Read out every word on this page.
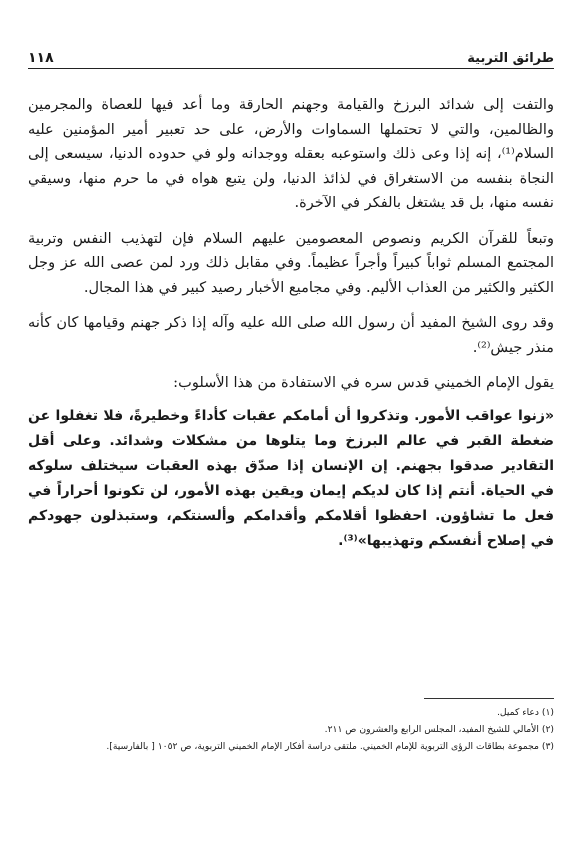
طرائق التربية
١١٨

والتفت إلى شدائد البرزخ والقيامة وجهنم الحارقة وما أعد فيها للعصاة والمجرمين والظالمين، والتي لا تحتملها السماوات والأرض، على حد تعبير أمير المؤمنين عليه السلام⁽¹⁾، إنه إذا وعى ذلك واستوعبه بعقله ووجدانه ولو في حدوده الدنيا، سيسعى إلى النجاة بنفسه من الاستغراق في لذائذ الدنيا، ولن يتبع هواه في ما حرم منها، وسيقي نفسه منها، بل قد يشتغل بالفكر في الآخرة.

وتبعاً للقرآن الكريم ونصوص المعصومين عليهم السلام فإن لتهذيب النفس وتربية المجتمع المسلم ثواباً كبيراً وأجراً عظيماً. وفي مقابل ذلك ورد لمن عصى الله عز وجل الكثير والكثير من العذاب الأليم. وفي مجاميع الأخبار رصيد كبير في هذا المجال.

وقد روى الشيخ المفيد أن رسول الله صلى الله عليه وآله إذا ذكر جهنم وقيامها كان كأنه منذر جيش⁽²⁾.

يقول الإمام الخميني قدس سره في الاستفادة من هذا الأسلوب:

«زنوا عواقب الأمور. وتذكروا أن أمامكم عقبات كأداءً وخطيرةً، فلا تغفلوا عن ضغطة القبر في عالم البرزخ وما يتلوها من مشكلات وشدائد. وعلى أقل التقادير صدقوا بجهنم. إن الإنسان إذا صدّق بهذه العقبات سيختلف سلوكه في الحياة. أنتم إذا كان لديكم إيمان ويقين بهذه الأمور، لن تكونوا أحراراً في فعل ما تشاؤون. احفظوا أقلامكم وأقدامكم وألسنتكم، وستبذلون جهودكم في إصلاح أنفسكم وتهذيبها»⁽³⁾.

(١) دعاء كميل.
(٢) الأمالي للشيخ المفيد، المجلس الرابع والعشرون ص ٢١١.
(٣) مجموعة بطاقات الرؤى التربوية للإمام الخميني. ملتقى دراسة أفكار الإمام الخميني التربوية، ص ١٠٥٢ [ بالفارسية].
